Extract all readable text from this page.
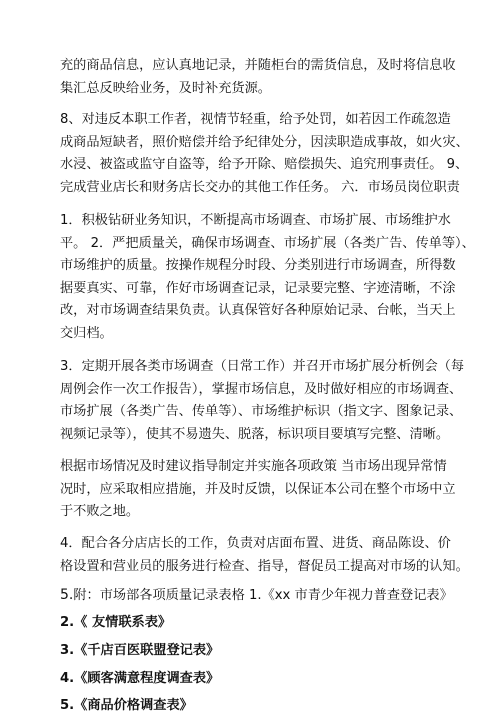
充的商品信息，应认真地记录，并随柜台的需货信息，及时将信息收
集汇总反映给业务，及时补充货源。

8、对违反本职工作者，视情节轻重，给予处罚，如若因工作疏忽造
成商品短缺者，照价赔偿并给予纪律处分，因渎职造成事故，如火灾、
水浸、被盗或监守自盗等，给予开除、赔偿损失、追究刑事责任。 9、
完成营业店长和财务店长交办的其他工作任务。 六．市场员岗位职责

1．积极钻研业务知识，不断提高市场调查、市场扩展、市场维护水
平。 2．严把质量关，确保市场调查、市场扩展（各类广告、传单等）、
市场维护的质量。按操作规程分时段、分类别进行市场调查，所得数
据要真实、可靠，作好市场调查记录，记录要完整、字迹清晰，不涂
改，对市场调查结果负责。认真保管好各种原始记录、台帐，当天上
交归档。

3．定期开展各类市场调查（日常工作）并召开市场扩展分析例会（每
周例会作一次工作报告），掌握市场信息，及时做好相应的市场调查、
市场扩展（各类广告、传单等）、市场维护标识（指文字、图象记录、
视频记录等），使其不易遗失、脱落，标识项目要填写完整、清晰。

根据市场情况及时建议指导制定并实施各项政策 当市场出现异常情
况时，应采取相应措施，并及时反馈，以保证本公司在整个市场中立
于不败之地。

4．配合各分店店长的工作，负责对店面布置、进货、商品陈设、价
格设置和营业员的服务进行检查、指导，督促员工提高对市场的认知。

5.附：市场部各项质量记录表格 1.《xx 市青少年视力普查登记表》
2.《 友情联系表》
3.《千店百医联盟登记表》
4.《顾客满意程度调查表》
5.《商品价格调查表》
